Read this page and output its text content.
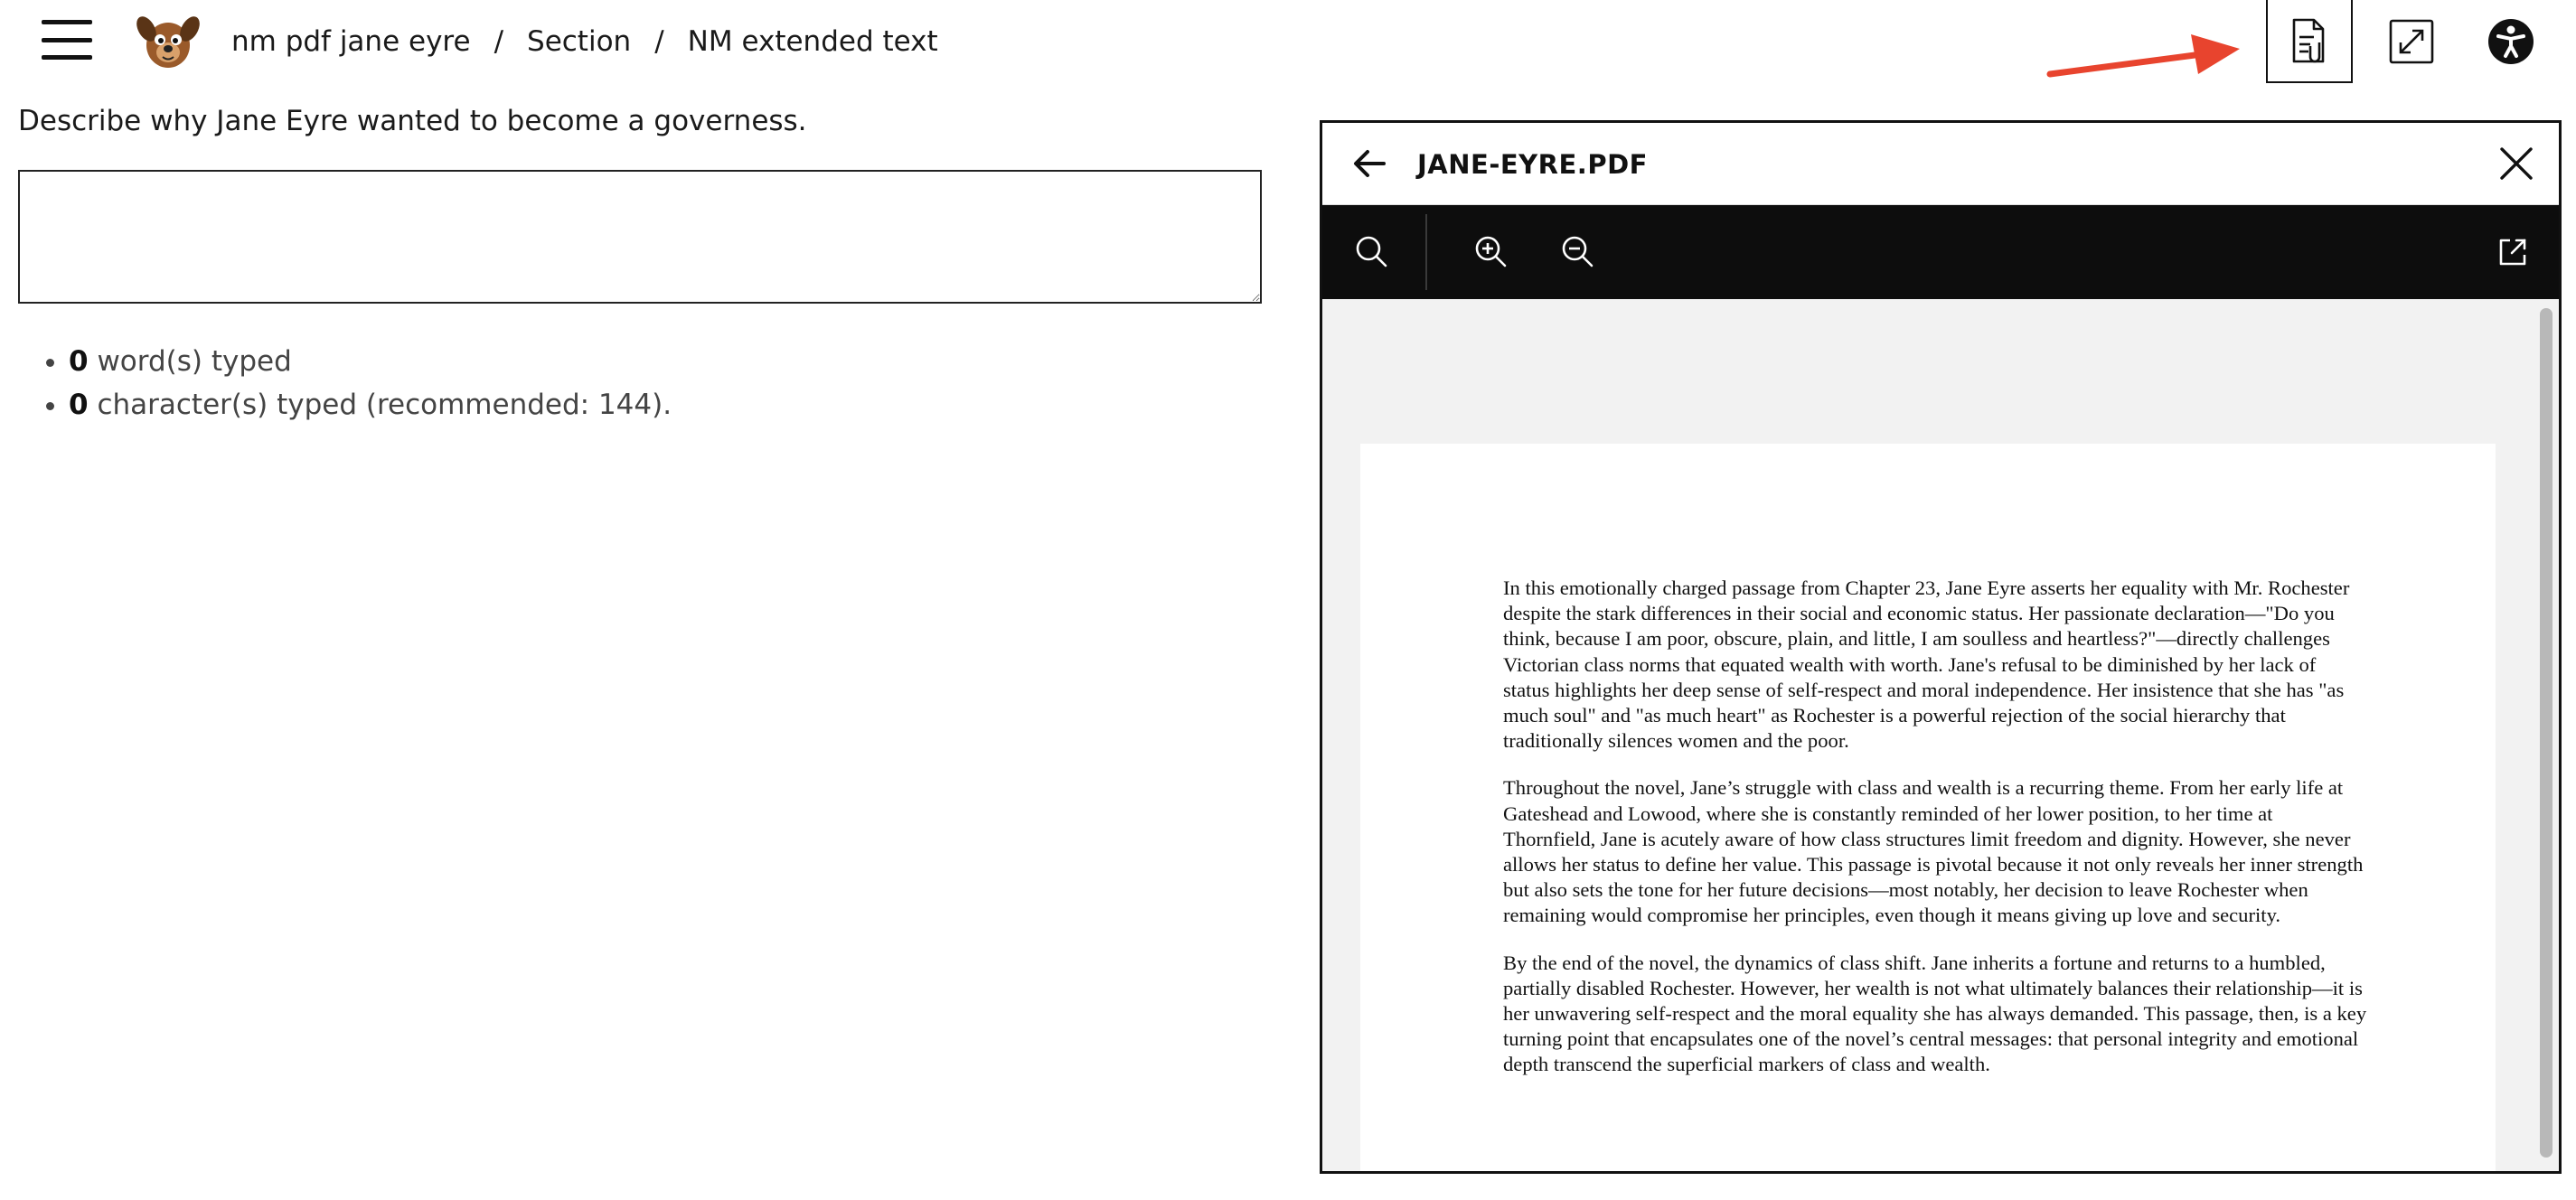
nm pdf jane eyre / Section / NM extended text
Describe why Jane Eyre wanted to become a governess.
• 0 word(s) typed
• 0 character(s) typed (recommended: 144).
JANE-EYRE.PDF

In this emotionally charged passage from Chapter 23, Jane Eyre asserts her equality with Mr. Rochester despite the stark differences in their social and economic status. Her passionate declaration—"Do you think, because I am poor, obscure, plain, and little, I am soulless and heartless?"—directly challenges Victorian class norms that equated wealth with worth. Jane's refusal to be diminished by her lack of status highlights her deep sense of self-respect and moral independence. Her insistence that she has "as much soul" and "as much heart" as Rochester is a powerful rejection of the social hierarchy that traditionally silences women and the poor.

Throughout the novel, Jane’s struggle with class and wealth is a recurring theme. From her early life at Gateshead and Lowood, where she is constantly reminded of her lower position, to her time at Thornfield, Jane is acutely aware of how class structures limit freedom and dignity. However, she never allows her status to define her value. This passage is pivotal because it not only reveals her inner strength but also sets the tone for her future decisions—most notably, her decision to leave Rochester when remaining would compromise her principles, even though it means giving up love and security.

By the end of the novel, the dynamics of class shift. Jane inherits a fortune and returns to a humbled, partially disabled Rochester. However, her wealth is not what ultimately balances their relationship—it is her unwavering self-respect and the moral equality she has always demanded. This passage, then, is a key turning point that encapsulates one of the novel’s central messages: that personal integrity and emotional depth transcend the superficial markers of class and wealth.
